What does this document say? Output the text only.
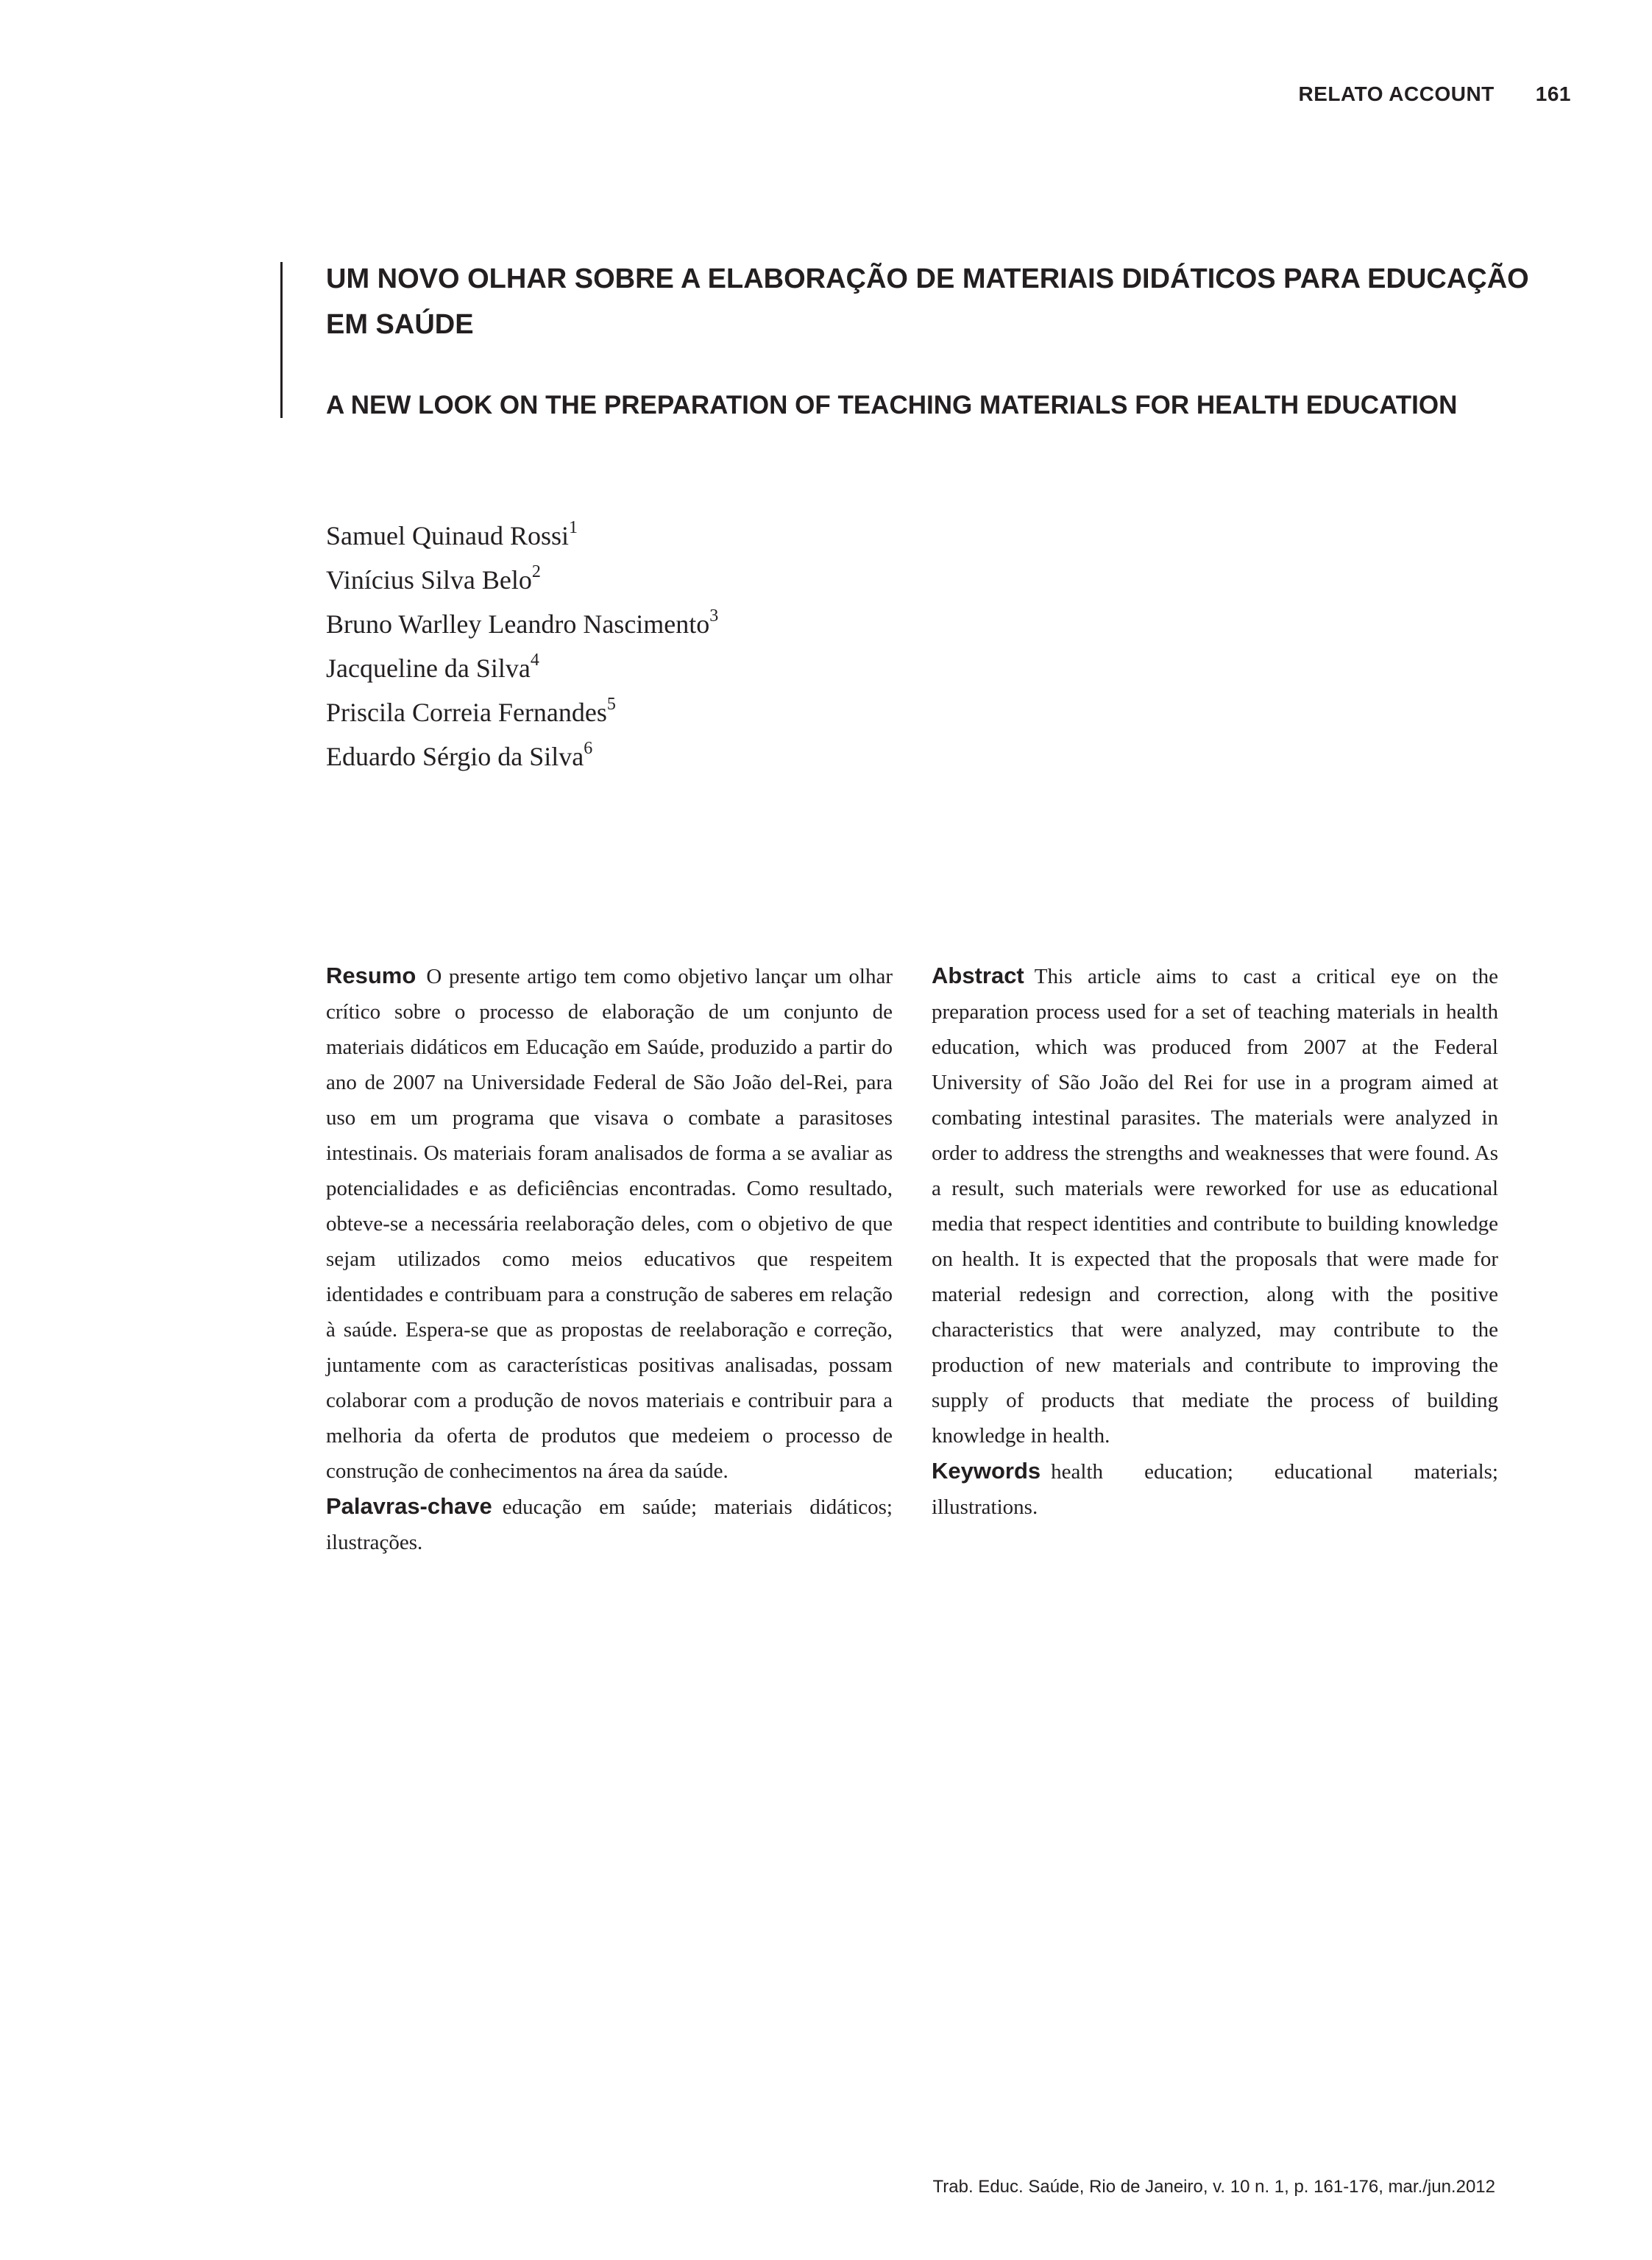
RELATO ACCOUNT 161
UM NOVO OLHAR SOBRE A ELABORAÇÃO DE MATERIAIS DIDÁTICOS PARA EDUCAÇÃO EM SAÚDE
A NEW LOOK ON THE PREPARATION OF TEACHING MATERIALS FOR HEALTH EDUCATION
Samuel Quinaud Rossi$^1$
Vinícius Silva Belo$^2$
Bruno Warlley Leandro Nascimento$^3$
Jacqueline da Silva$^4$
Priscila Correia Fernandes$^5$
Eduardo Sérgio da Silva$^6$

Resumo O presente artigo tem como objetivo lançar um olhar crítico sobre o processo de elaboração de um conjunto de materiais didáticos em Educação em Saúde, produzido a partir do ano de 2007 na Universidade Federal de São João del-Rei, para uso em um programa que visava o combate a parasitoses intestinais. Os materiais foram analisados de forma a se avaliar as potencialidades e as deficiências encontradas. Como resultado, obteve-se a necessária reelaboração deles, com o objetivo de que sejam utilizados como meios educativos que respeitem identidades e contribuam para a construção de saberes em relação à saúde. Espera-se que as propostas de reelaboração e correção, juntamente com as características positivas analisadas, possam colaborar com a produção de novos materiais e contribuir para a melhoria da oferta de produtos que medeiem o processo de construção de conhecimentos na área da saúde.

Palavras-chave educação em saúde; materiais didáticos; ilustrações.

Abstract This article aims to cast a critical eye on the preparation process used for a set of teaching materials in health education, which was produced from 2007 at the Federal University of São João del Rei for use in a program aimed at combating intestinal parasites. The materials were analyzed in order to address the strengths and weaknesses that were found. As a result, such materials were reworked for use as educational media that respect identities and contribute to building knowledge on health. It is expected that the proposals that were made for material redesign and correction, along with the positive characteristics that were analyzed, may contribute to the production of new materials and contribute to improving the supply of products that mediate the process of building knowledge in health.

Keywords health education; educational materials; illustrations.

Trab. Educ. Saúde, Rio de Janeiro, v. 10 n. 1, p. 161-176, mar./jun.2012
